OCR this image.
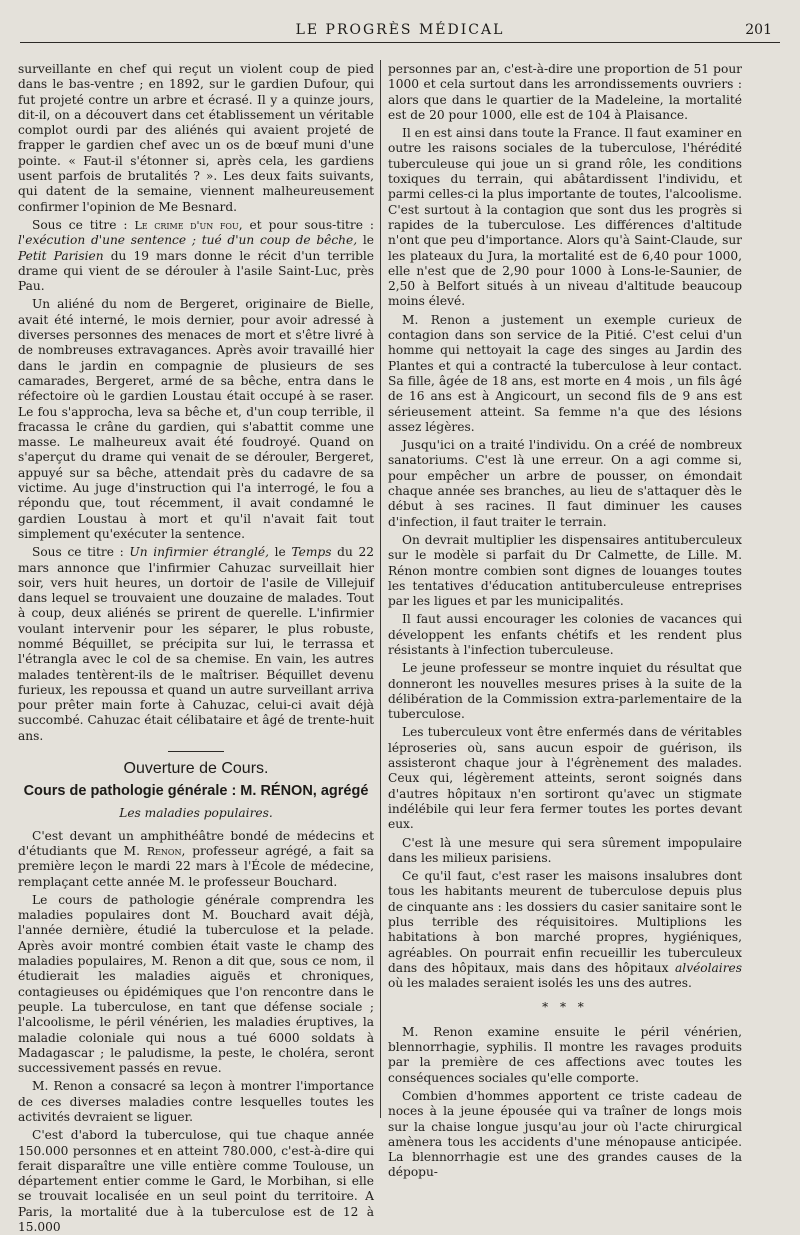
LE PROGRÈS MÉDICAL	201

surveillante en chef qui reçut un violent coup de pied dans le bas-ventre ; en 1892, sur le gardien Dufour, qui fut projeté contre un arbre et écrasé. Il y a quinze jours, dit-il, on a découvert dans cet établissement un véritable complot ourdi par des aliénés qui avaient projeté de frapper le gardien chef avec un os de bœuf muni d'une pointe. « Faut-il s'étonner si, après cela, les gardiens usent parfois de brutalités ? ». Les deux faits suivants, qui datent de la semaine, viennent malheureusement confirmer l'opinion de Me Besnard.

Sous ce titre : Le crime d'un fou, et pour sous-titre : l'exécution d'une sentence ; tué d'un coup de bêche, le Petit Parisien du 19 mars donne le récit d'un terrible drame qui vient de se dérouler à l'asile Saint-Luc, près Pau.

Un aliéné du nom de Bergeret, originaire de Bielle, avait été interné, le mois dernier, pour avoir adressé à diverses personnes des menaces de mort et s'être livré à de nombreuses extravagances. Après avoir travaillé hier dans le jardin en compagnie de plusieurs de ses camarades, Bergeret, armé de sa bêche, entra dans le réfectoire où le gardien Loustau était occupé à se raser. Le fou s'approcha, leva sa bêche et, d'un coup terrible, il fracassa le crâne du gardien, qui s'abattit comme une masse. Le malheureux avait été foudroyé. Quand on s'aperçut du drame qui venait de se dérouler, Bergeret, appuyé sur sa bêche, attendait près du cadavre de sa victime. Au juge d'instruction qui l'a interrogé, le fou a répondu que, tout récemment, il avait condamné le gardien Loustau à mort et qu'il n'avait fait tout simplement qu'exécuter la sentence.

Sous ce titre : Un infirmier étranglé, le Temps du 22 mars annonce que l'infirmier Cahuzac surveillait hier soir, vers huit heures, un dortoir de l'asile de Villejuif dans lequel se trouvaient une douzaine de malades. Tout à coup, deux aliénés se prirent de querelle. L'infirmier voulant intervenir pour les séparer, le plus robuste, nommé Béquillet, se précipita sur lui, le terrassa et l'étrangla avec le col de sa chemise. En vain, les autres malades tentèrent-ils de le maîtriser. Béquillet devenu furieux, les repoussa et quand un autre surveillant arriva pour prêter main forte à Cahuzac, celui-ci avait déjà succombé. Cahuzac était célibataire et âgé de trente-huit ans.

Ouverture de Cours.
Cours de pathologie générale : M. RÉNON, agrégé
Les maladies populaires.

C'est devant un amphithéâtre bondé de médecins et d'étudiants que M. Renon, professeur agrégé, a fait sa première leçon le mardi 22 mars à l'École de médecine, remplaçant cette année M. le professeur Bouchard.

Le cours de pathologie générale comprendra les maladies populaires dont M. Bouchard avait déjà, l'année dernière, étudié la tuberculose et la pelade. Après avoir montré combien était vaste le champ des maladies populaires, M. Renon a dit que, sous ce nom, il étudierait les maladies aiguës et chroniques, contagieuses ou épidémiques que l'on rencontre dans le peuple. La tuberculose, en tant que défense sociale ; l'alcoolisme, le péril vénérien, les maladies éruptives, la maladie coloniale qui nous a tué 6000 soldats à Madagascar ; le paludisme, la peste, le choléra, seront successivement passés en revue.

M. Renon a consacré sa leçon à montrer l'importance de ces diverses maladies contre lesquelles toutes les activités devraient se liguer.

C'est d'abord la tuberculose, qui tue chaque année 150.000 personnes et en atteint 780.000, c'est-à-dire qui ferait disparaître une ville entière comme Toulouse, un département entier comme le Gard, le Morbihan, si elle se trouvait localisée en un seul point du territoire. A Paris, la mortalité due à la tuberculose est de 12 à 15.000

personnes par an, c'est-à-dire une proportion de 51 pour 1000 et cela surtout dans les arrondissements ouvriers : alors que dans le quartier de la Madeleine, la mortalité est de 20 pour 1000, elle est de 104 à Plaisance.

Il en est ainsi dans toute la France. Il faut examiner en outre les raisons sociales de la tuberculose, l'hérédité tuberculeuse qui joue un si grand rôle, les conditions toxiques du terrain, qui abâtardissent l'individu, et parmi celles-ci la plus importante de toutes, l'alcoolisme. C'est surtout à la contagion que sont dus les progrès si rapides de la tuberculose. Les différences d'altitude n'ont que peu d'importance. Alors qu'à Saint-Claude, sur les plateaux du Jura, la mortalité est de 6,40 pour 1000, elle n'est que de 2,90 pour 1000 à Lons-le-Saunier, de 2,50 à Belfort situés à un niveau d'altitude beaucoup moins élevé.

M. Renon a justement un exemple curieux de contagion dans son service de la Pitié. C'est celui d'un homme qui nettoyait la cage des singes au Jardin des Plantes et qui a contracté la tuberculose à leur contact. Sa fille, âgée de 18 ans, est morte en 4 mois , un fils âgé de 16 ans est à Angicourt, un second fils de 9 ans est sérieusement atteint. Sa femme n'a que des lésions assez légères.

Jusqu'ici on a traité l'individu. On a créé de nombreux sanatoriums. C'est là une erreur. On a agi comme si, pour empêcher un arbre de pousser, on émondait chaque année ses branches, au lieu de s'attaquer dès le début à ses racines. Il faut diminuer les causes d'infection, il faut traiter le terrain.

On devrait multiplier les dispensaires antituberculeux sur le modèle si parfait du Dr Calmette, de Lille. M. Rénon montre combien sont dignes de louanges toutes les tentatives d'éducation antituberculeuse entreprises par les ligues et par les municipalités.

Il faut aussi encourager les colonies de vacances qui développent les enfants chétifs et les rendent plus résistants à l'infection tuberculeuse.

Le jeune professeur se montre inquiet du résultat que donneront les nouvelles mesures prises à la suite de la délibération de la Commission extra-parlementaire de la tuberculose.

Les tuberculeux vont être enfermés dans de véritables léproseries où, sans aucun espoir de guérison, ils assisteront chaque jour à l'égrènement des malades. Ceux qui, légèrement atteints, seront soignés dans d'autres hôpitaux n'en sortiront qu'avec un stigmate indélébile qui leur fera fermer toutes les portes devant eux.

C'est là une mesure qui sera sûrement impopulaire dans les milieux parisiens.

Ce qu'il faut, c'est raser les maisons insalubres dont tous les habitants meurent de tuberculose depuis plus de cinquante ans : les dossiers du casier sanitaire sont le plus terrible des réquisitoires. Multiplions les habitations à bon marché propres, hygiéniques, agréables. On pourrait enfin recueillir les tuberculeux dans des hôpitaux, mais dans des hôpitaux alvéolaires où les malades seraient isolés les uns des autres.

* * *

M. Renon examine ensuite le péril vénérien, blennorrhagie, syphilis. Il montre les ravages produits par la première de ces affections avec toutes les conséquences sociales qu'elle comporte.

Combien d'hommes apportent ce triste cadeau de noces à la jeune épousée qui va traîner de longs mois sur la chaise longue jusqu'au jour où l'acte chirurgical amènera tous les accidents d'une ménopause anticipée. La blennorrhagie est une des grandes causes de la dépopu-
